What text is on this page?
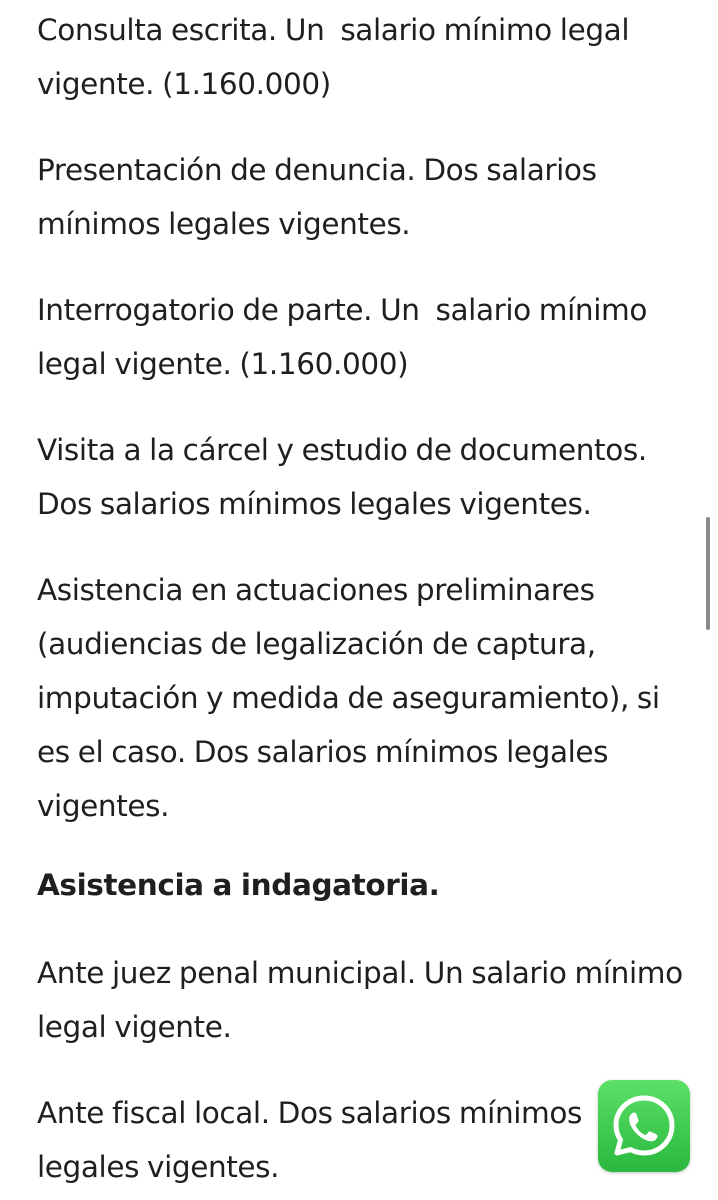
Consulta escrita. Un  salario mínimo legal vigente. (1.160.000)

Presentación de denuncia. Dos salarios mínimos legales vigentes.

Interrogatorio de parte. Un  salario mínimo legal vigente. (1.160.000)

Visita a la cárcel y estudio de documentos. Dos salarios mínimos legales vigentes.

Asistencia en actuaciones preliminares (audiencias de legalización de captura, imputación y medida de aseguramiento), si es el caso. Dos salarios mínimos legales vigentes.

Asistencia a indagatoria.

Ante juez penal municipal. Un salario mínimo legal vigente.

Ante fiscal local. Dos salarios mínimos legales vigentes.
